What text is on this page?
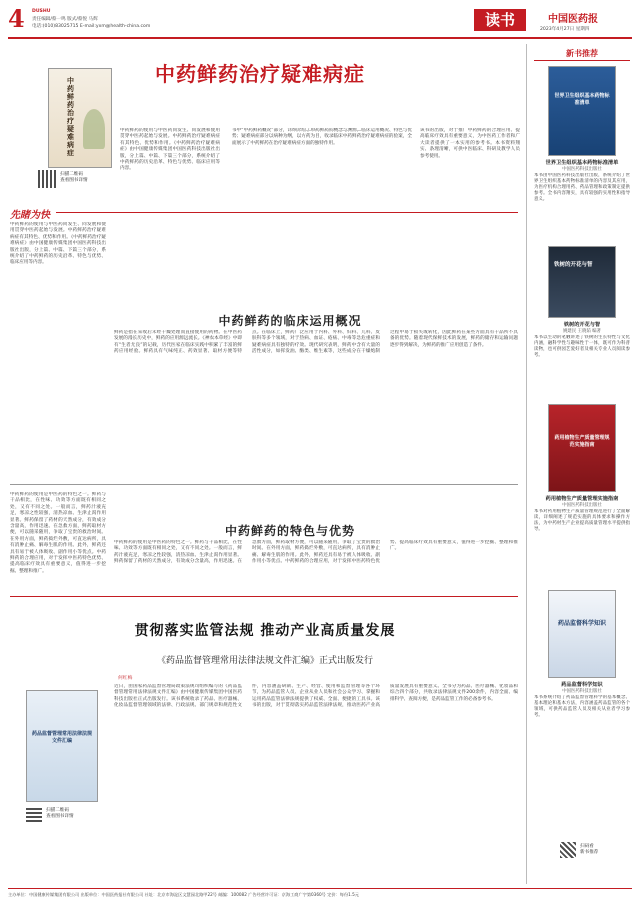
4 DUSHU
责任编辑/蔡一鸣 版式/蔡悦 马辉
电话:(010)83025715 E-mail:yxm@health-china.com	读书	中国医药报
2023年4月27日 星期四
中药鲜药治疗疑难病症
中药鲜药治疗疑难病症
扫描二维码
查看图书详情
中药鲜药的使用与中医药同发生、同发展和使用贯穿中医药起始与发展。中药鲜药治疗疑难病症有其特色、优势和作用。《中药鲜药治疗疑难病症》由中国健康传媒集团中国医药科技出版社出版，分上篇、中篇、下篇三个部分，系统介绍了中药鲜药的历史沿革、特色与优势、临床应用等内容。
书中“中药鲜药概况”部分，详细介绍了中药鲜药的概念与渊源、临床运用概况、特色与优势；疑难病症部分以病种为纲，以方药为目，收录临床中药鲜药治疗疑难病症的验案，全面展示了中药鲜药在治疗疑难病症方面的独特作用。
该书的出版，对于推广中药鲜药的合理应用、提高临床疗效具有重要意义，为中医药工作者和广大读者提供了一本实用的参考书。本书资料翔实、条理清晰，可供中医临床、科研及教学人员参考使用。
先睹为快
中药鲜药的使用与中医药同发生、同发展和使用贯穿中医药起始与发展。中药鲜药治疗疑难病症有其特色、优势和作用。《中药鲜药治疗疑难病症》由中国健康传媒集团中国医药科技出版社出版，分上篇、中篇、下篇三个部分，系统介绍了中药鲜药的历史沿革、特色与优势、临床应用等内容。
中药鲜药的临床运用概况
鲜药是指在采收后未经干燥处理而直接使用的药物。在中医药发展的漫长历史中，鲜药的应用源远流长。《神农本草经》中即有“生者尤良”的记载，历代医家在临床实践中积累了丰富的鲜药应用经验。鲜药具有气味纯正、药效显著、取材方便等特点。在临床上，鲜药广泛应用于内科、外科、妇科、儿科、皮肤科等多个领域，对于热病、血证、疮疡、中毒等急危重症和疑难病症具有独特的疗效。现代研究表明，鲜药中含有大量的活性成分，如挥发油、酶类、维生素等，这些成分在干燥炮制过程中易于损失或转化，因此鲜药在某些方面具有干品所不具备的优势。随着现代保鲜技术的发展，鲜药的储存和运输问题逐步得到解决，为鲜药的推广应用创造了条件。
中药鲜药的使用是中医药的特色之一。鲜药与干品相比，在性味、功效等方面既有相同之处，又有不同之处。一般而言，鲜药汁液充足，寒凉之性较强，清热凉血、生津止渴作用显著。鲜药保留了药材的天然成分，有效成分含量高，作用迅速。在急救方面，鲜药取材方便，可以随采随用，争取了宝贵的救治时间。在外用方面，鲜药捣烂外敷，可直达病所，具有消肿止痛、解毒生肌的作用。此外，鲜药还具有易于被人体吸收、副作用小等优点。中药鲜药的合理应用，对于发挥中医药特色优势、提高临床疗效具有重要意义，值得进一步挖掘、整理和推广。
中药鲜药的特色与优势
中药鲜药的使用是中医药的特色之一。鲜药与干品相比，在性味、功效等方面既有相同之处，又有不同之处。一般而言，鲜药汁液充足，寒凉之性较强，清热凉血、生津止渴作用显著。鲜药保留了药材的天然成分，有效成分含量高，作用迅速。在急救方面，鲜药取材方便，可以随采随用，争取了宝贵的救治时间。在外用方面，鲜药捣烂外敷，可直达病所，具有消肿止痛、解毒生肌的作用。此外，鲜药还具有易于被人体吸收、副作用小等优点。中药鲜药的合理应用，对于发挥中医药特色优势、提高临床疗效具有重要意义，值得进一步挖掘、整理和推广。
贯彻落实监管法规 推动产业高质量发展
《药品监督管理常用法律法规文件汇编》正式出版发行
何红梅
药品监督管理常用法律法规文件汇编
扫描二维码
查看图书详情
近日，由国家药品监督管理局政策法规司组织编写的《药品监督管理常用法律法规文件汇编》由中国健康传媒集团中国医药科技出版社正式出版发行。该书系统收录了药品、医疗器械、化妆品监督管理领域的法律、行政法规、部门规章和规范性文件，内容涵盖研制、生产、经营、使用和监督管理等各个环节，为药品监管人员、企业从业人员和社会公众学习、掌握和运用药品监管法律法规提供了权威、全面、便捷的工具书。该书的出版，对于贯彻落实药品监管法律法规，推动医药产业高质量发展具有重要意义。全书分为药品、医疗器械、化妆品和综合四个部分，共收录法律法规文件200余件，内容全面、编排科学、查阅方便，是药品监管工作的必备参考书。
新书推荐
世界卫生组织基本药物标准清单
世界卫生组织基本药物标准清单
中国医药科技出版社
本书由中国医药科技出版社出版，系统介绍了世界卫生组织基本药物标准清单的内容及其应用，为医疗机构合理用药、药品管理和政策制定提供参考。全书内容翔实，具有较强的实用性和指导意义。
铁树的开花与智
铁树的开花与智
姚建民 王晓茹 编著
本书以生动的笔触讲述了铁树的生长特性与文化内涵，融科学性与趣味性于一体，既可作为科普读物，也可供园艺爱好者及相关专业人员阅读参考。
药用植物生产质量管理规范实施指南
药用植物生产质量管理实施指南
中国医药科技出版社
本书对药用植物生产质量管理规范进行了全面解读，详细阐述了规范实施的具体要求和操作方法，为中药材生产企业提高质量管理水平提供指导。
药品监督科学知识
药品监督科学知识
中国医药科技出版社
本书系统介绍了药品监督管理科学的基本概念、基本理论和基本方法，内容涵盖药品监管的各个领域，可供药品监管人员及相关从业者学习参考。
扫码看
新书推荐
主办单位：中国健康传媒集团有限公司 出版单位：中国医药报社有限公司 社址：北京市海淀区文慧园北路甲22号 邮编：100082 广告经营许可证：京海工商广字第0360号 定价：每份1.5元
